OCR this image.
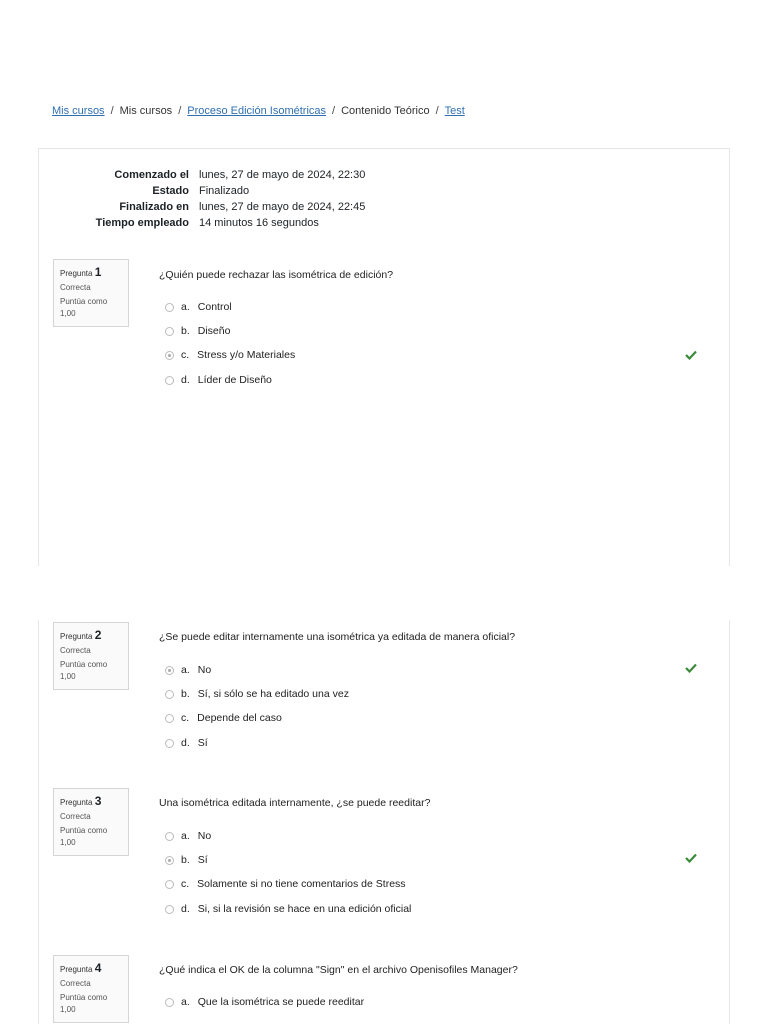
Mis cursos / Mis cursos / Proceso Edición Isométricas / Contenido Teórico / Test
Comenzado el	lunes, 27 de mayo de 2024, 22:30
Estado	Finalizado
Finalizado en	lunes, 27 de mayo de 2024, 22:45
Tiempo empleado	14 minutos 16 segundos
Pregunta 1
Correcta
Puntúa como
1,00
¿Quién puede rechazar las isométrica de edición?
a. Control
b. Diseño
c. Stress y/o Materiales
d. Líder de Diseño
Pregunta 2
Correcta
Puntúa como
1,00
¿Se puede editar internamente una isométrica ya editada de manera oficial?
a. No
b. Sí, si sólo se ha editado una vez
c. Depende del caso
d. Sí
Pregunta 3
Correcta
Puntúa como
1,00
Una isométrica editada internamente, ¿se puede reeditar?
a. No
b. Sí
c. Solamente si no tiene comentarios de Stress
d. Si, si la revisión se hace en una edición oficial
Pregunta 4
Correcta
Puntúa como
1,00
¿Qué indica el OK de la columna "Sign" en el archivo Openisofiles Manager?
a. Que la isométrica se puede reeditar
